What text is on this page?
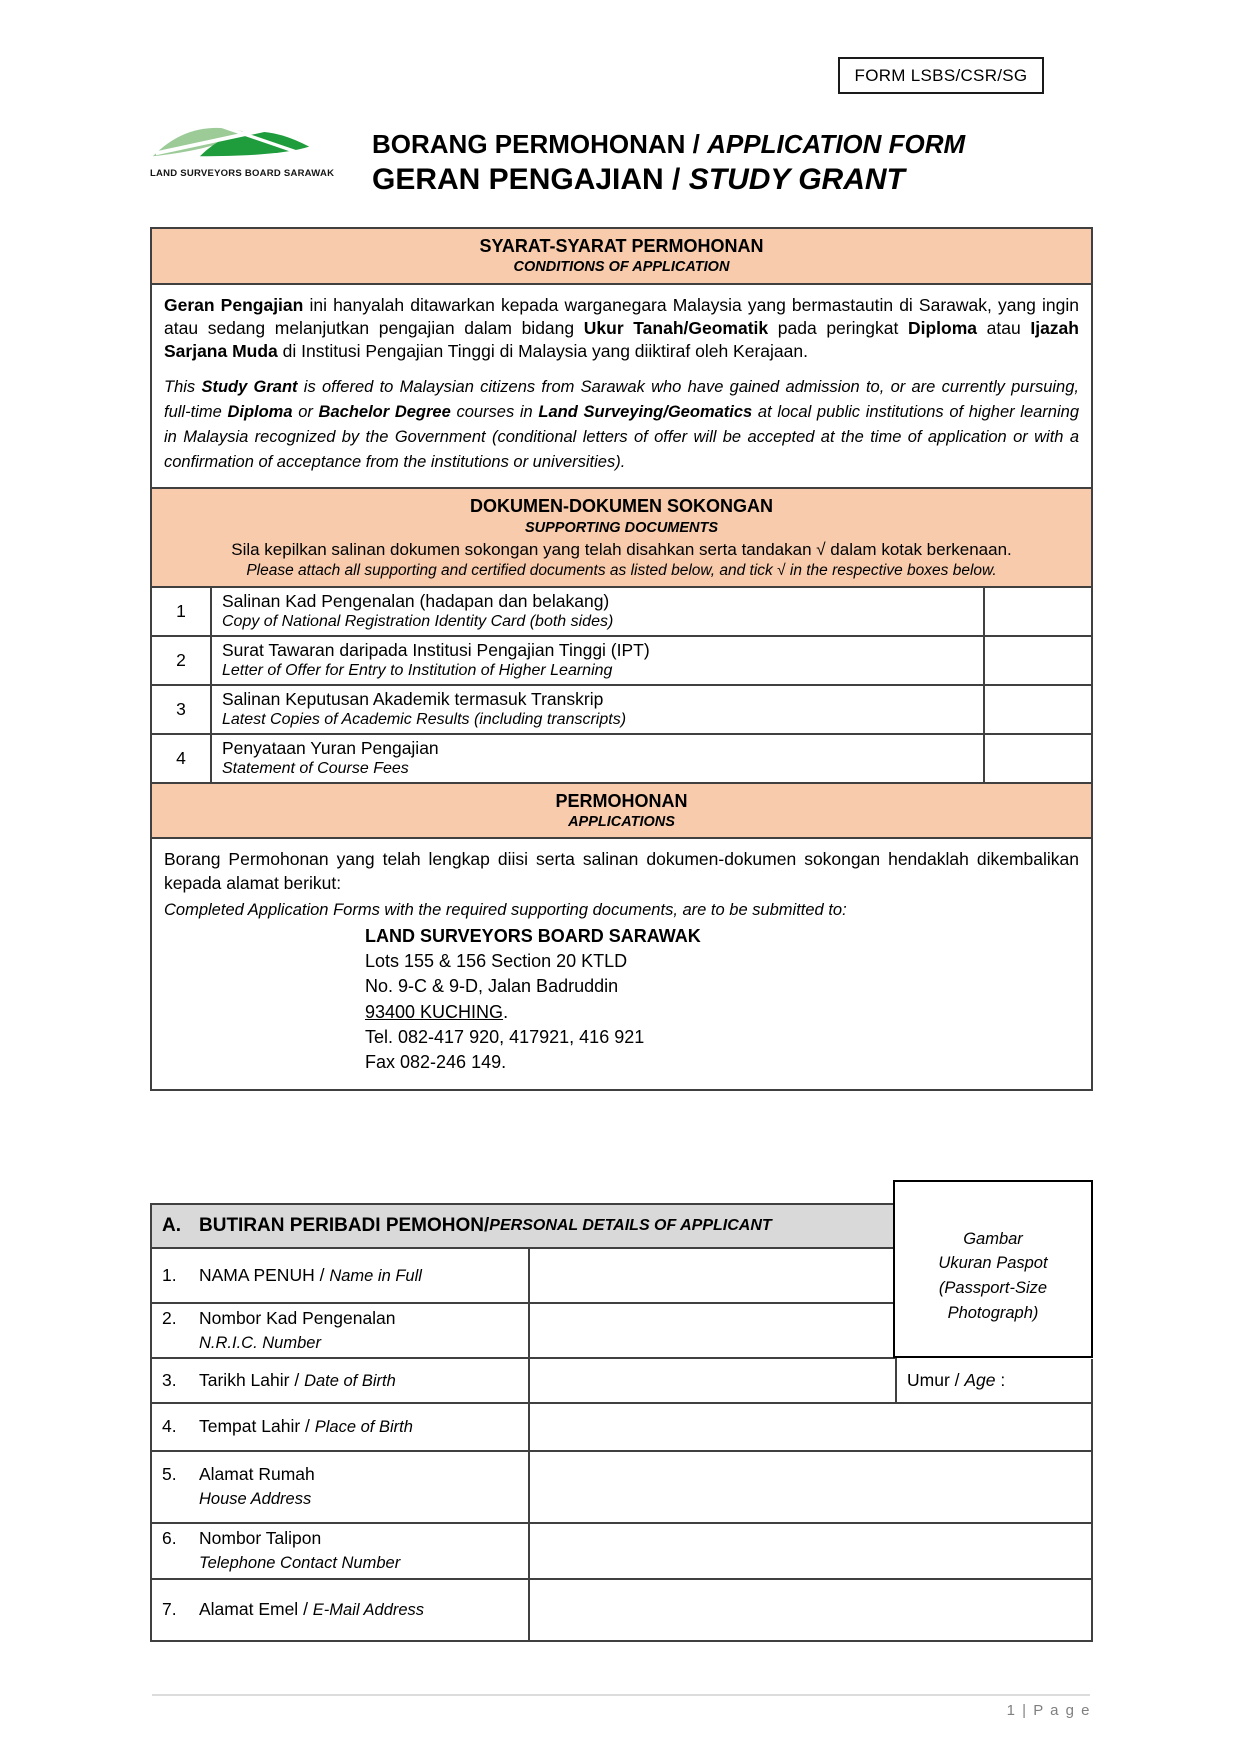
FORM LSBS/CSR/SG
LAND SURVEYORS BOARD SARAWAK
BORANG PERMOHONAN / APPLICATION FORM
GERAN PENGAJIAN / STUDY GRANT
SYARAT-SYARAT PERMOHONAN
CONDITIONS OF APPLICATION
Geran Pengajian ini hanyalah ditawarkan kepada warganegara Malaysia yang bermastautin di Sarawak, yang ingin atau sedang melanjutkan pengajian dalam bidang Ukur Tanah/Geomatik pada peringkat Diploma atau Ijazah Sarjana Muda di Institusi Pengajian Tinggi di Malaysia yang diiktiraf oleh Kerajaan.
This Study Grant is offered to Malaysian citizens from Sarawak who have gained admission to, or are currently pursuing, full-time Diploma or Bachelor Degree courses in Land Surveying/Geomatics at local public institutions of higher learning in Malaysia recognized by the Government (conditional letters of offer will be accepted at the time of application or with a confirmation of acceptance from the institutions or universities).
DOKUMEN-DOKUMEN SOKONGAN
SUPPORTING DOCUMENTS
Sila kepilkan salinan dokumen sokongan yang telah disahkan serta tandakan √ dalam kotak berkenaan.
Please attach all supporting and certified documents as listed below, and tick √ in the respective boxes below.
1	Salinan Kad Pengenalan (hadapan dan belakang)
Copy of National Registration Identity Card (both sides)
2	Surat Tawaran daripada Institusi Pengajian Tinggi (IPT)
Letter of Offer for Entry to Institution of Higher Learning
3	Salinan Keputusan Akademik termasuk Transkrip
Latest Copies of Academic Results (including transcripts)
4	Penyataan Yuran Pengajian
Statement of Course Fees
PERMOHONAN
APPLICATIONS
Borang Permohonan yang telah lengkap diisi serta salinan dokumen-dokumen sokongan hendaklah dikembalikan kepada alamat berikut:
Completed Application Forms with the required supporting documents, are to be submitted to:
LAND SURVEYORS BOARD SARAWAK
Lots 155 & 156 Section 20 KTLD
No. 9-C & 9-D, Jalan Badruddin
93400 KUCHING.
Tel. 082-417 920, 417921, 416 921
Fax 082-246 149.
Gambar
Ukuran Paspot
(Passport-Size
Photograph)
A. BUTIRAN PERIBADI PEMOHON / PERSONAL DETAILS OF APPLICANT
1. NAMA PENUH / Name in Full
2. Nombor Kad Pengenalan
N.R.I.C. Number
3. Tarikh Lahir / Date of Birth	Umur / Age :
4. Tempat Lahir / Place of Birth
5. Alamat Rumah
House Address
6. Nombor Talipon
Telephone Contact Number
7. Alamat Emel / E-Mail Address
1 | P a g e
